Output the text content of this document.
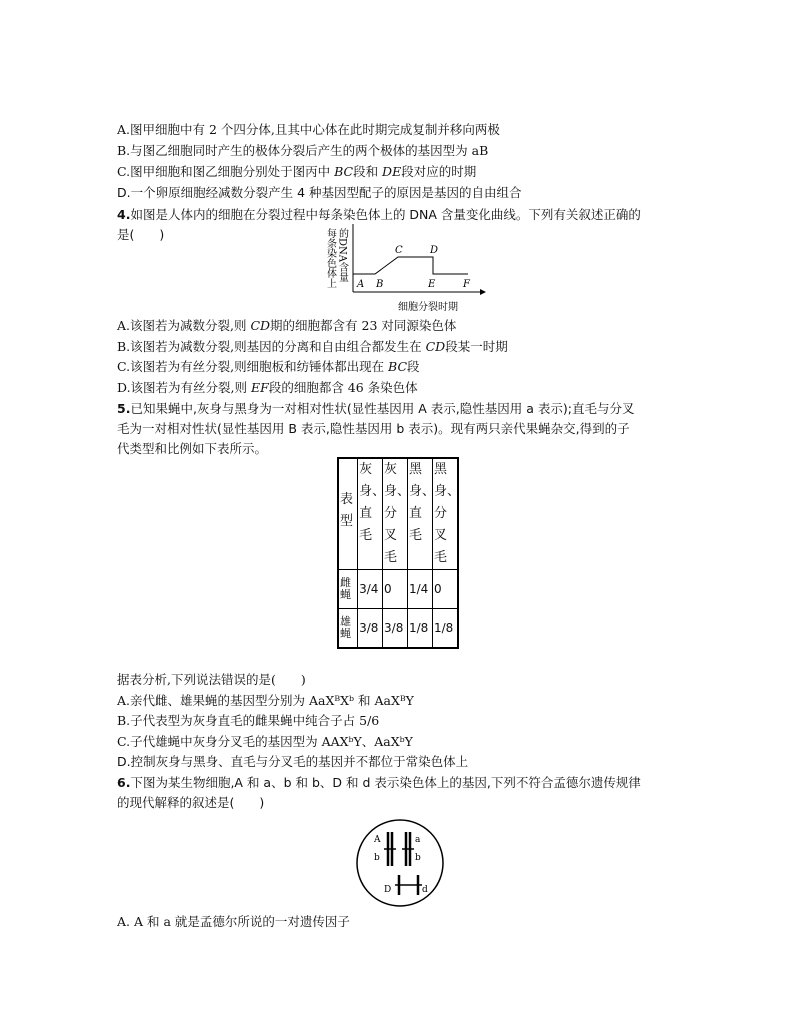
A.图甲细胞中有 2 个四分体,且其中心体在此时期完成复制并移向两极
B.与图乙细胞同时产生的极体分裂后产生的两个极体的基因型为 aB
C.图甲细胞和图乙细胞分别处于图丙中 BC段和 DE段对应的时期
D.一个卵原细胞经减数分裂产生 4 种基因型配子的原因是基因的自由组合
4.如图是人体内的细胞在分裂过程中每条染色体上的 DNA 含量变化曲线。下列有关叙述正确的
是(　　)	每条染色体上 的DNA含量
A B
C	D
E	F
细胞分裂时期
A.该图若为减数分裂,则 CD期的细胞都含有 23 对同源染色体
B.该图若为减数分裂,则基因的分离和自由组合都发生在 CD段某一时期
C.该图若为有丝分裂,则细胞板和纺锤体都出现在 BC段
D.该图若为有丝分裂,则 EF段的细胞都含 46 条染色体
5.已知果蝇中,灰身与黑身为一对相对性状(显性基因用 A 表示,隐性基因用 a 表示);直毛与分叉
毛为一对相对性状(显性基因用 B 表示,隐性基因用 b 表示)。现有两只亲代果蝇杂交,得到的子
代类型和比例如下表所示。
表型	灰身、直毛	灰身、分叉毛	黑身、直毛	黑身、分叉毛

雌蝇	3/4	0	1/4	0

雄蝇	3/8	3/8	1/8	1/8
据表分析,下列说法错误的是(　　)
A.亲代雌、雄果蝇的基因型分别为 AaXᴮXᵇ 和 AaXᴮY
B.子代表型为灰身直毛的雌果蝇中纯合子占 5/6
C.子代雄蝇中灰身分叉毛的基因型为 AAXᵇY、AaXᵇY
D.控制灰身与黑身、直毛与分叉毛的基因并不都位于常染色体上
6.下图为某生物细胞,A 和 a、b 和 b、D 和 d 表示染色体上的基因,下列不符合孟德尔遗传规律
的现代解释的叙述是(　　)
A	a
b	b
D	d
A. A 和 a 就是孟德尔所说的一对遗传因子
